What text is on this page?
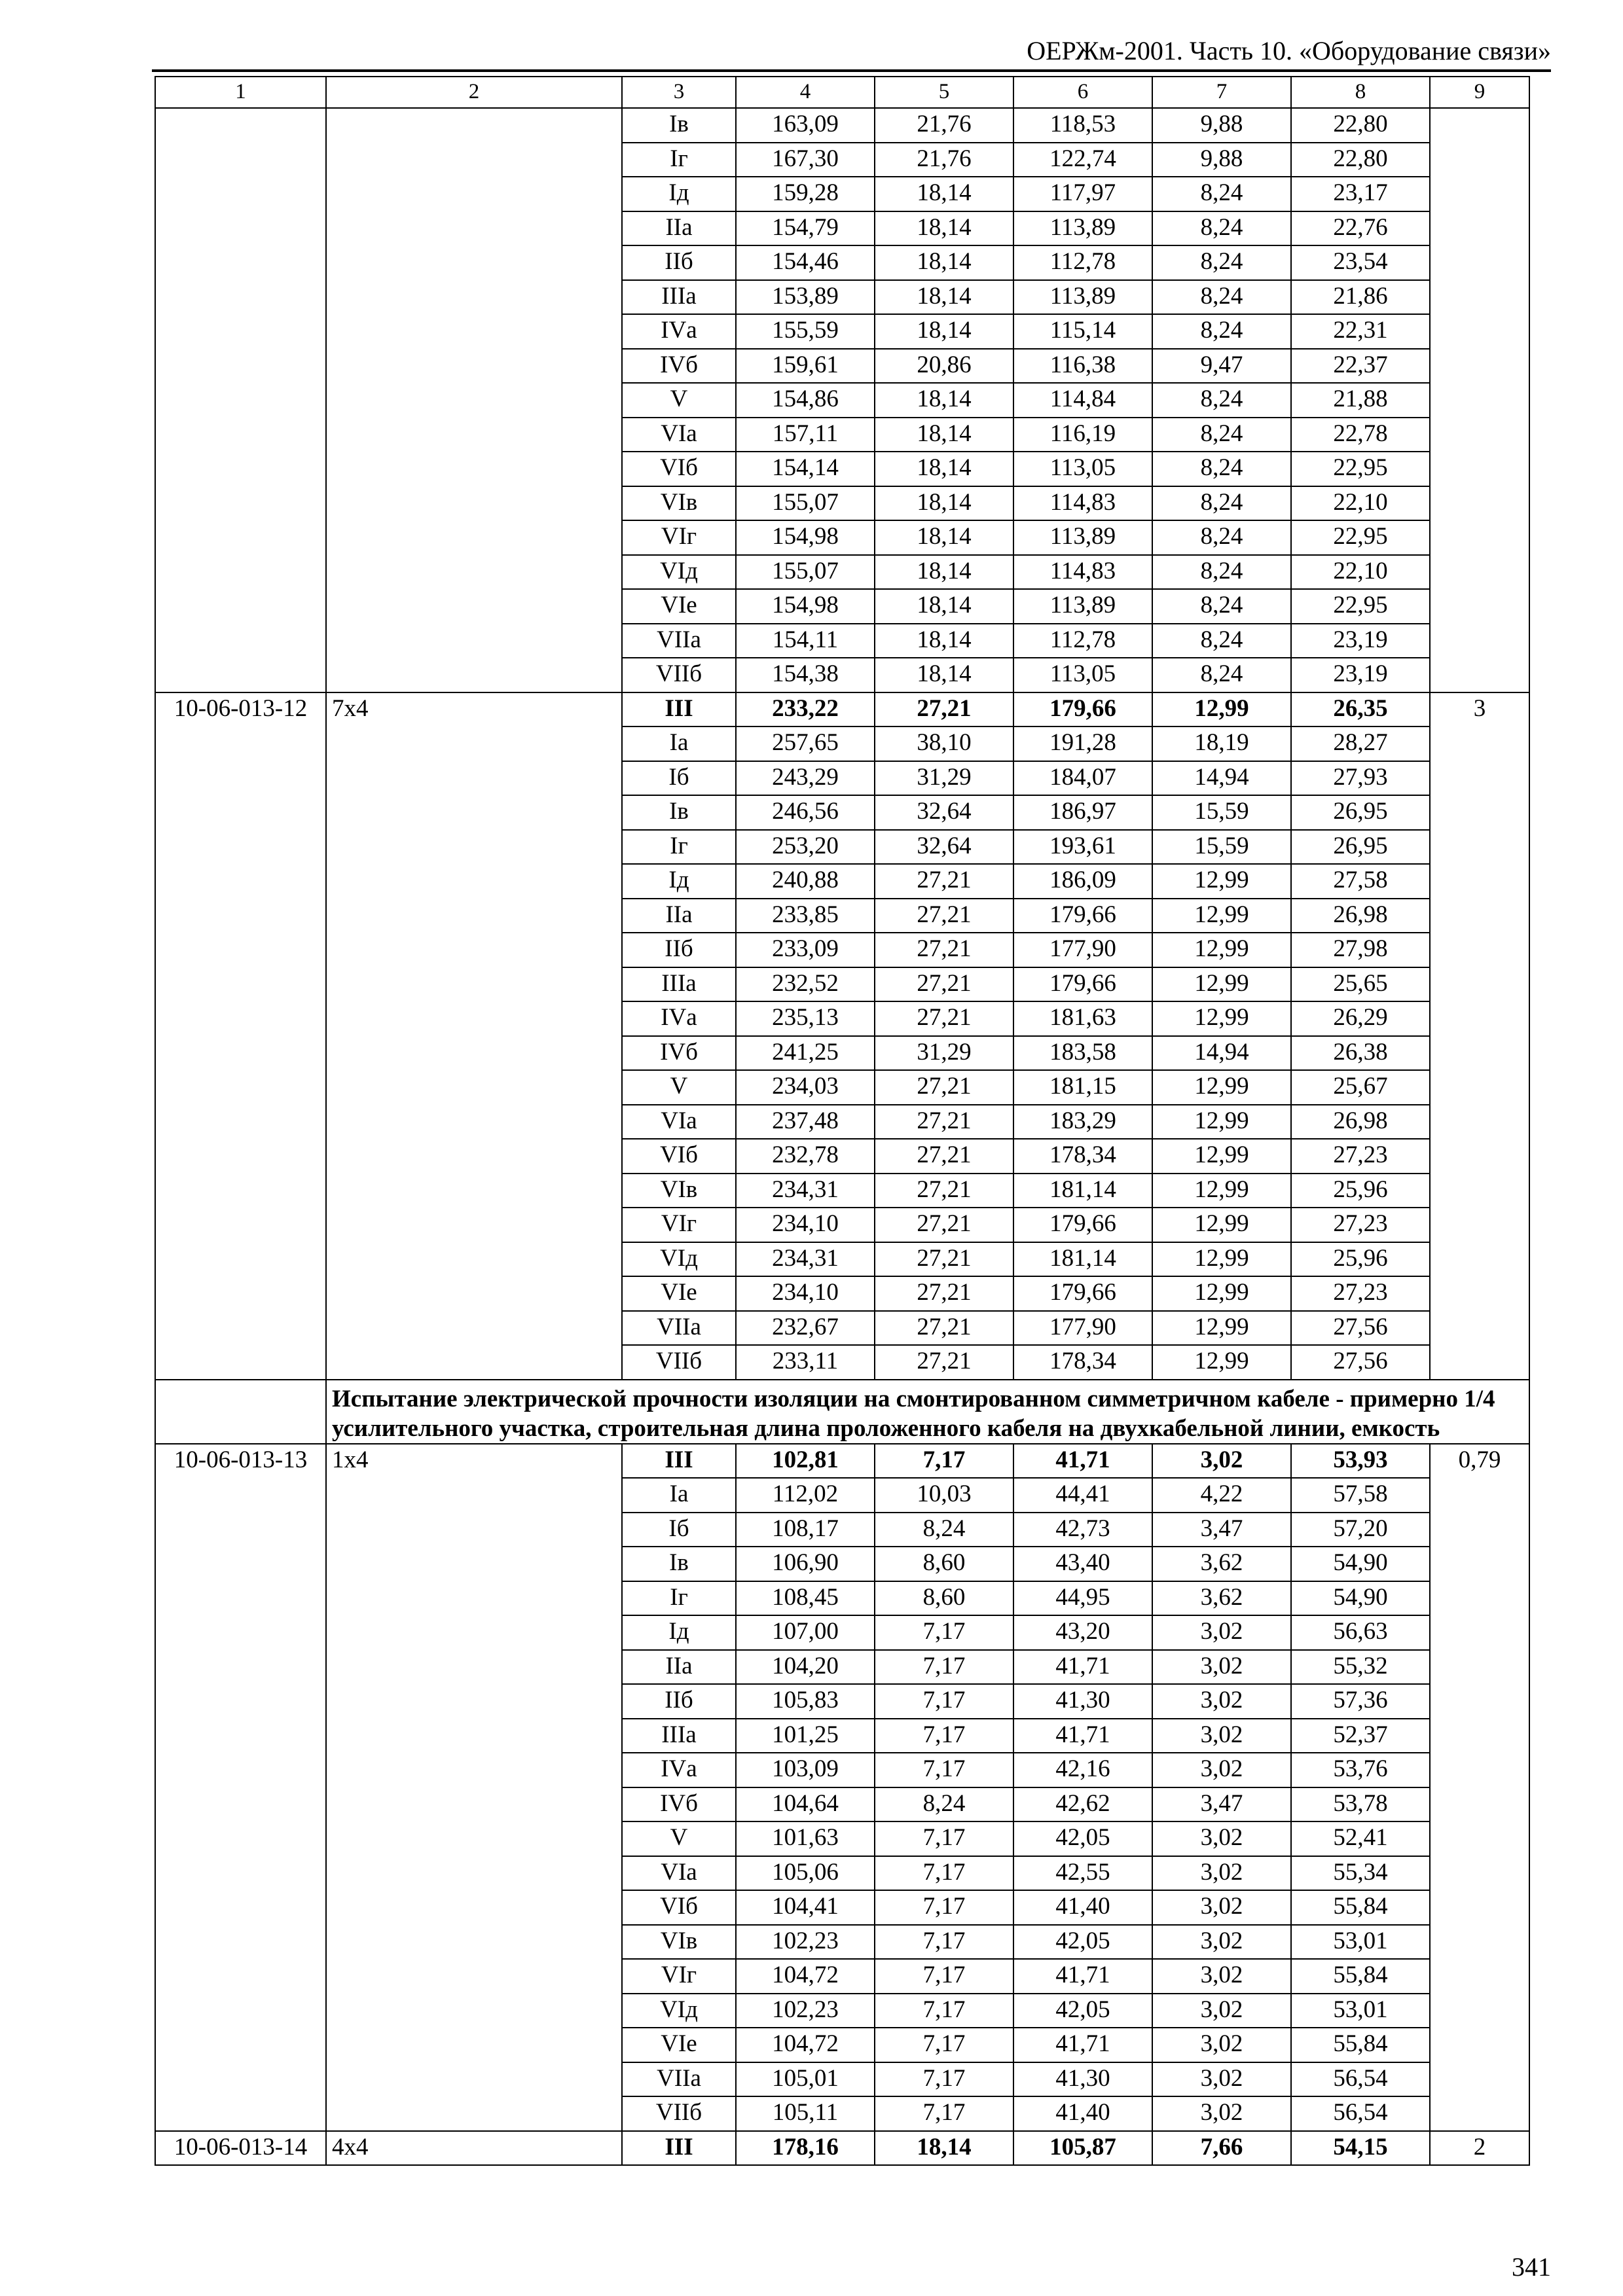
ОЕРЖм-2001. Часть 10. «Оборудование связи»
1	2	3	4	5	6	7	8	9
		Iв	163,09	21,76	118,53	9,88	22,80	
		Iг	167,30	21,76	122,74	9,88	22,80	
		Iд	159,28	18,14	117,97	8,24	23,17	
		IIа	154,79	18,14	113,89	8,24	22,76	
		IIб	154,46	18,14	112,78	8,24	23,54	
		IIIа	153,89	18,14	113,89	8,24	21,86	
		IVа	155,59	18,14	115,14	8,24	22,31	
		IVб	159,61	20,86	116,38	9,47	22,37	
		V	154,86	18,14	114,84	8,24	21,88	
		VIа	157,11	18,14	116,19	8,24	22,78	
		VIб	154,14	18,14	113,05	8,24	22,95	
		VIв	155,07	18,14	114,83	8,24	22,10	
		VIг	154,98	18,14	113,89	8,24	22,95	
		VIд	155,07	18,14	114,83	8,24	22,10	
		VIе	154,98	18,14	113,89	8,24	22,95	
		VIIа	154,11	18,14	112,78	8,24	23,19	
		VIIб	154,38	18,14	113,05	8,24	23,19	
10-06-013-12	7х4	III	233,22	27,21	179,66	12,99	26,35	3
		Iа	257,65	38,10	191,28	18,19	28,27	
		Iб	243,29	31,29	184,07	14,94	27,93	
		Iв	246,56	32,64	186,97	15,59	26,95	
		Iг	253,20	32,64	193,61	15,59	26,95	
		Iд	240,88	27,21	186,09	12,99	27,58	
		IIа	233,85	27,21	179,66	12,99	26,98	
		IIб	233,09	27,21	177,90	12,99	27,98	
		IIIа	232,52	27,21	179,66	12,99	25,65	
		IVа	235,13	27,21	181,63	12,99	26,29	
		IVб	241,25	31,29	183,58	14,94	26,38	
		V	234,03	27,21	181,15	12,99	25,67	
		VIа	237,48	27,21	183,29	12,99	26,98	
		VIб	232,78	27,21	178,34	12,99	27,23	
		VIв	234,31	27,21	181,14	12,99	25,96	
		VIг	234,10	27,21	179,66	12,99	27,23	
		VIд	234,31	27,21	181,14	12,99	25,96	
		VIе	234,10	27,21	179,66	12,99	27,23	
		VIIа	232,67	27,21	177,90	12,99	27,56	
		VIIб	233,11	27,21	178,34	12,99	27,56	
	Испытание электрической прочности изоляции на смонтированном симметричном кабеле - примерно 1/4 усилительного участка, строительная длина проложенного кабеля на двухкабельной линии, емкость							
10-06-013-13	1х4	III	102,81	7,17	41,71	3,02	53,93	0,79
		Iа	112,02	10,03	44,41	4,22	57,58	
		Iб	108,17	8,24	42,73	3,47	57,20	
		Iв	106,90	8,60	43,40	3,62	54,90	
		Iг	108,45	8,60	44,95	3,62	54,90	
		Iд	107,00	7,17	43,20	3,02	56,63	
		IIа	104,20	7,17	41,71	3,02	55,32	
		IIб	105,83	7,17	41,30	3,02	57,36	
		IIIа	101,25	7,17	41,71	3,02	52,37	
		IVа	103,09	7,17	42,16	3,02	53,76	
		IVб	104,64	8,24	42,62	3,47	53,78	
		V	101,63	7,17	42,05	3,02	52,41	
		VIа	105,06	7,17	42,55	3,02	55,34	
		VIб	104,41	7,17	41,40	3,02	55,84	
		VIв	102,23	7,17	42,05	3,02	53,01	
		VIг	104,72	7,17	41,71	3,02	55,84	
		VIд	102,23	7,17	42,05	3,02	53,01	
		VIе	104,72	7,17	41,71	3,02	55,84	
		VIIа	105,01	7,17	41,30	3,02	56,54	
		VIIб	105,11	7,17	41,40	3,02	56,54	
10-06-013-14	4х4	III	178,16	18,14	105,87	7,66	54,15	2
341
